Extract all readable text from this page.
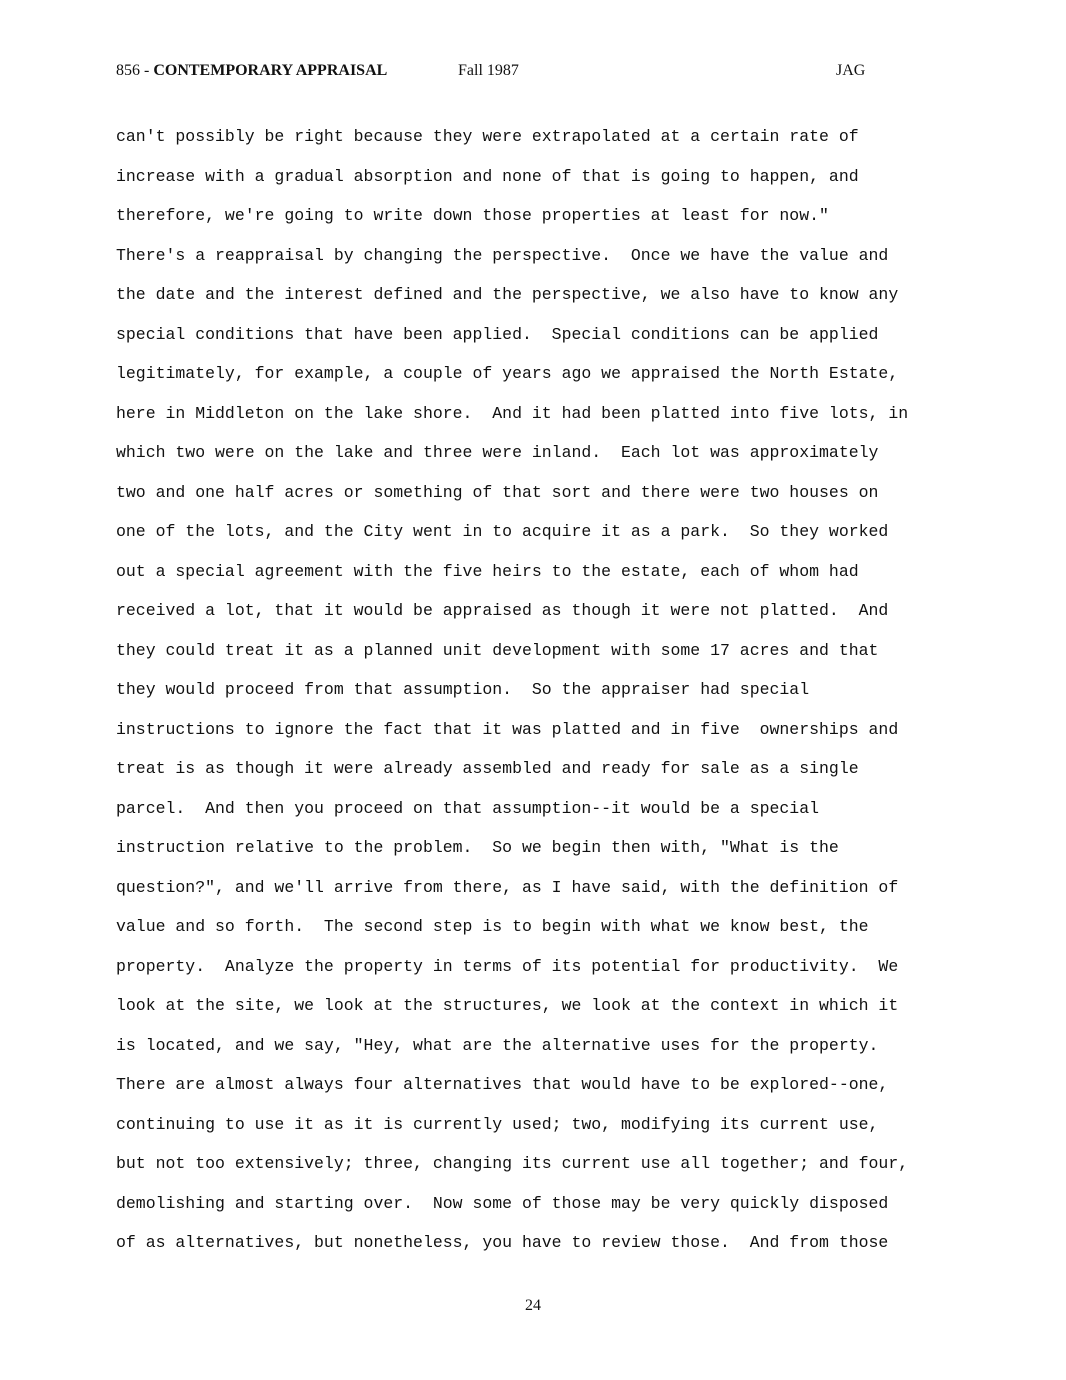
856 - CONTEMPORARY APPRAISAL	Fall 1987	JAG
can't possibly be right because they were extrapolated at a certain rate of
increase with a gradual absorption and none of that is going to happen, and
therefore, we're going to write down those properties at least for now."
There's a reappraisal by changing the perspective.  Once we have the value and
the date and the interest defined and the perspective, we also have to know any
special conditions that have been applied.  Special conditions can be applied
legitimately, for example, a couple of years ago we appraised the North Estate,
here in Middleton on the lake shore.  And it had been platted into five lots, in
which two were on the lake and three were inland.  Each lot was approximately
two and one half acres or something of that sort and there were two houses on
one of the lots, and the City went in to acquire it as a park.  So they worked
out a special agreement with the five heirs to the estate, each of whom had
received a lot, that it would be appraised as though it were not platted.  And
they could treat it as a planned unit development with some 17 acres and that
they would proceed from that assumption.  So the appraiser had special
instructions to ignore the fact that it was platted and in five  ownerships and
treat is as though it were already assembled and ready for sale as a single
parcel.  And then you proceed on that assumption--it would be a special
instruction relative to the problem.  So we begin then with, "What is the
question?", and we'll arrive from there, as I have said, with the definition of
value and so forth.  The second step is to begin with what we know best, the
property.  Analyze the property in terms of its potential for productivity.  We
look at the site, we look at the structures, we look at the context in which it
is located, and we say, "Hey, what are the alternative uses for the property.
There are almost always four alternatives that would have to be explored--one,
continuing to use it as it is currently used; two, modifying its current use,
but not too extensively; three, changing its current use all together; and four,
demolishing and starting over.  Now some of those may be very quickly disposed
of as alternatives, but nonetheless, you have to review those.  And from those
24
